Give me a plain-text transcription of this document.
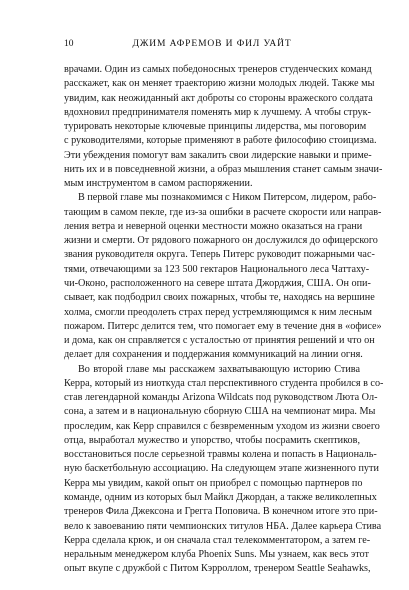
10	ДЖИМ АФРЕМОВ И ФИЛ УАЙТ

врачами. Один из самых победоносных тренеров студенческих команд
расскажет, как он меняет траекторию жизни молодых людей. Также мы
увидим, как неожиданный акт доброты со стороны вражеского солдата
вдохновил предпринимателя поменять мир к лучшему. А чтобы струк-
турировать некоторые ключевые принципы лидерства, мы поговорим
с руководителями, которые применяют в работе философию стоицизма.
Эти убеждения помогут вам закалить свои лидерские навыки и приме-
нить их и в повседневной жизни, а образ мышления станет самым значи-
мым инструментом в самом распоряжении.

В первой главе мы познакомимся с Ником Питерсом, лидером, рабо-
тающим в самом пекле, где из-за ошибки в расчете скорости или направ-
ления ветра и неверной оценки местности можно оказаться на грани
жизни и смерти. От рядового пожарного он дослужился до офицерского
звания руководителя округа. Теперь Питерс руководит пожарными час-
тями, отвечающими за 123 500 гектаров Национального леса Чаттаху-
чи-Оконо, расположенного на севере штата Джорджия, США. Он опи-
сывает, как подбодрил своих пожарных, чтобы те, находясь на вершине
холма, смогли преодолеть страх перед устремляющимся к ним лесным
пожаром. Питерс делится тем, что помогает ему в течение дня в «офисе»
и дома, как он справляется с усталостью от принятия решений и что он
делает для сохранения и поддержания коммуникаций на линии огня.

Во второй главе мы расскажем захватывающую историю Стива
Керра, который из ниоткуда стал перспективного студента пробился в со-
став легендарной команды Arizona Wildcats под руководством Люта Ол-
сона, а затем и в национальную сборную США на чемпионат мира. Мы
проследим, как Керр справился с безвременным уходом из жизни своего
отца, выработал мужество и упорство, чтобы посрамить скептиков,
восстановиться после серьезной травмы колена и попасть в Националь-
ную баскетбольную ассоциацию. На следующем этапе жизненного пути
Керра мы увидим, какой опыт он приобрел с помощью партнеров по
команде, одним из которых был Майкл Джордан, а также великолепных
тренеров Фила Джексона и Грегга Поповича. В конечном итоге это при-
вело к завоеванию пяти чемпионских титулов НБА. Далее карьера Стива
Керра сделала крюк, и он сначала стал телекомментатором, а затем ге-
неральным менеджером клуба Phoenix Suns. Мы узнаем, как весь этот
опыт вкупе с дружбой с Питом Кэрроллом, тренером Seattle Seahawks,
